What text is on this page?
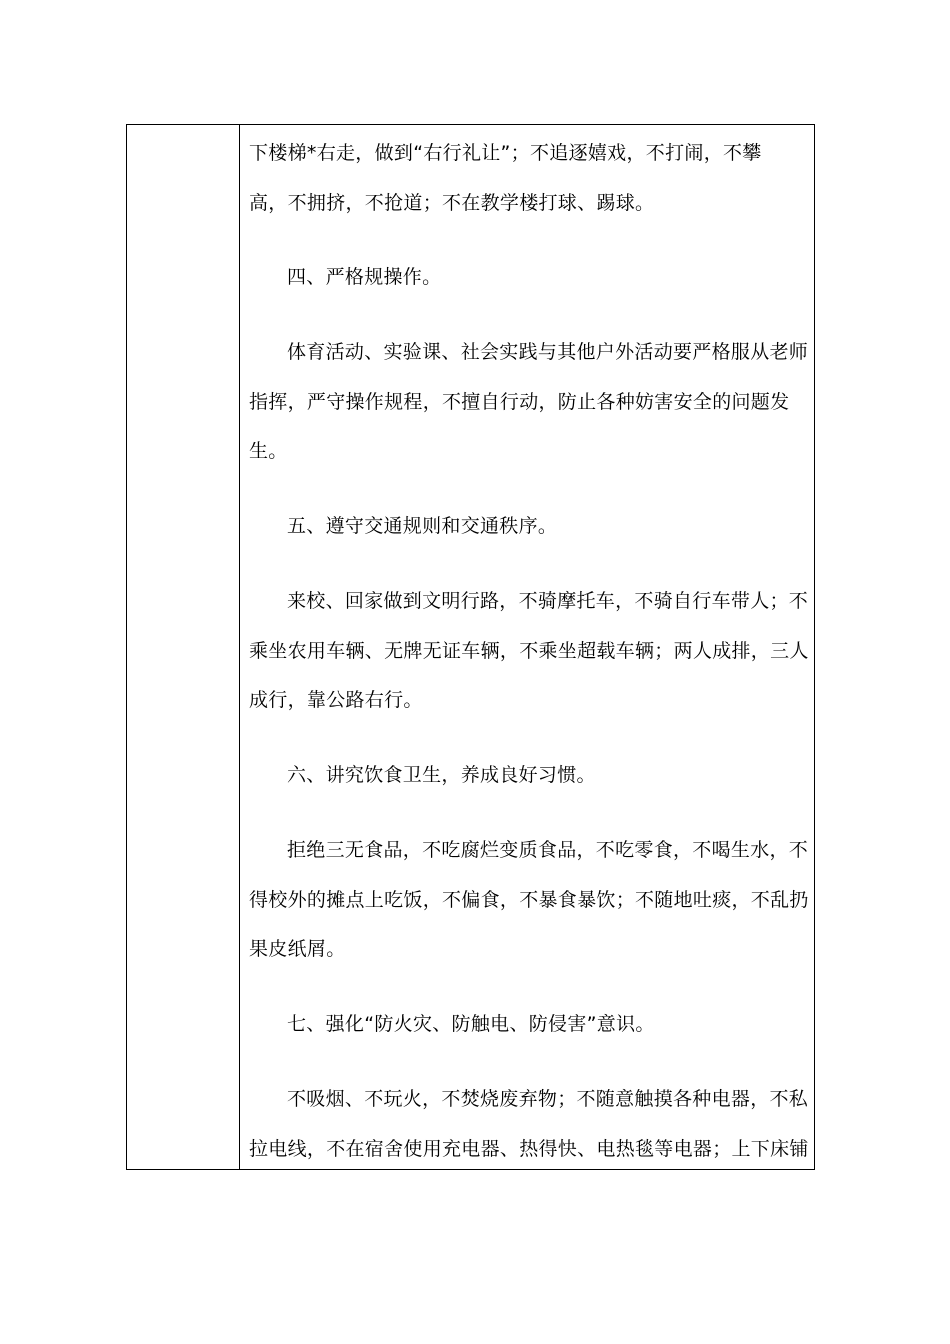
下楼梯*右走，做到“右行礼让”；不追逐嬉戏，不打闹，不攀
高，不拥挤，不抢道；不在教学楼打球、踢球。
四、严格规操作。
体育活动、实验课、社会实践与其他户外活动要严格服从老师
指挥，严守操作规程，不擅自行动，防止各种妨害安全的问题发
生。
五、遵守交通规则和交通秩序。
来校、回家做到文明行路，不骑摩托车，不骑自行车带人；不
乘坐农用车辆、无牌无证车辆，不乘坐超载车辆；两人成排，三人
成行，靠公路右行。
六、讲究饮食卫生，养成良好习惯。
拒绝三无食品，不吃腐烂变质食品，不吃零食，不喝生水，不
得校外的摊点上吃饭，不偏食，不暴食暴饮；不随地吐痰，不乱扔
果皮纸屑。
七、强化“防火灾、防触电、防侵害”意识。
不吸烟、不玩火，不焚烧废弃物；不随意触摸各种电器，不私
拉电线，不在宿舍使用充电器、热得快、电热毯等电器；上下床铺
